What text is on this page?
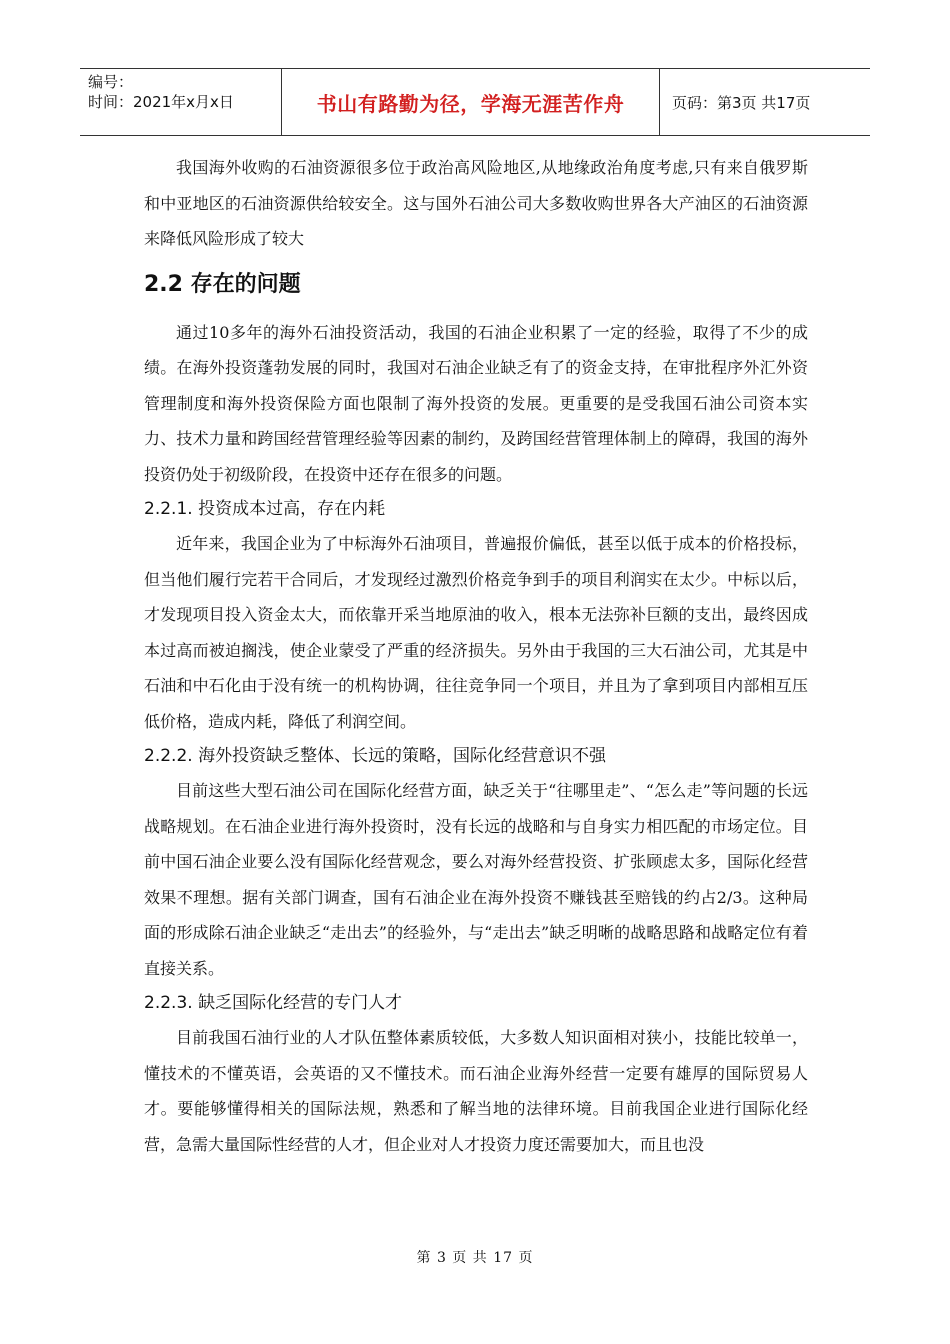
编号：
时间：2021年x月x日	书山有路勤为径，学海无涯苦作舟	页码：第3页 共17页

我国海外收购的石油资源很多位于政治高风险地区,从地缘政治角度考虑,只有来自俄罗斯和中亚地区的石油资源供给较安全。这与国外石油公司大多数收购世界各大产油区的石油资源来降低风险形成了较大

2.2 存在的问题

通过10多年的海外石油投资活动，我国的石油企业积累了一定的经验，取得了不少的成绩。在海外投资蓬勃发展的同时，我国对石油企业缺乏有了的资金支持，在审批程序外汇外资管理制度和海外投资保险方面也限制了海外投资的发展。更重要的是受我国石油公司资本实力、技术力量和跨国经营管理经验等因素的制约，及跨国经营管理体制上的障碍，我国的海外投资仍处于初级阶段，在投资中还存在很多的问题。

2.2.1. 投资成本过高，存在内耗

近年来，我国企业为了中标海外石油项目，普遍报价偏低，甚至以低于成本的价格投标，但当他们履行完若干合同后，才发现经过激烈价格竞争到手的项目利润实在太少。中标以后，才发现项目投入资金太大，而依靠开采当地原油的收入，根本无法弥补巨额的支出，最终因成本过高而被迫搁浅，使企业蒙受了严重的经济损失。另外由于我国的三大石油公司，尤其是中石油和中石化由于没有统一的机构协调，往往竞争同一个项目，并且为了拿到项目内部相互压低价格，造成内耗，降低了利润空间。

2.2.2. 海外投资缺乏整体、长远的策略，国际化经营意识不强

目前这些大型石油公司在国际化经营方面，缺乏关于“往哪里走”、“怎么走”等问题的长远战略规划。在石油企业进行海外投资时，没有长远的战略和与自身实力相匹配的市场定位。目前中国石油企业要么没有国际化经营观念，要么对海外经营投资、扩张顾虑太多，国际化经营效果不理想。据有关部门调查，国有石油企业在海外投资不赚钱甚至赔钱的约占2/3。这种局面的形成除石油企业缺乏“走出去”的经验外，与“走出去”缺乏明晰的战略思路和战略定位有着直接关系。

2.2.3. 缺乏国际化经营的专门人才

目前我国石油行业的人才队伍整体素质较低，大多数人知识面相对狭小，技能比较单一，懂技术的不懂英语，会英语的又不懂技术。而石油企业海外经营一定要有雄厚的国际贸易人才。要能够懂得相关的国际法规，熟悉和了解当地的法律环境。目前我国企业进行国际化经营，急需大量国际性经营的人才，但企业对人才投资力度还需要加大，而且也没

第 3 页 共 17 页
